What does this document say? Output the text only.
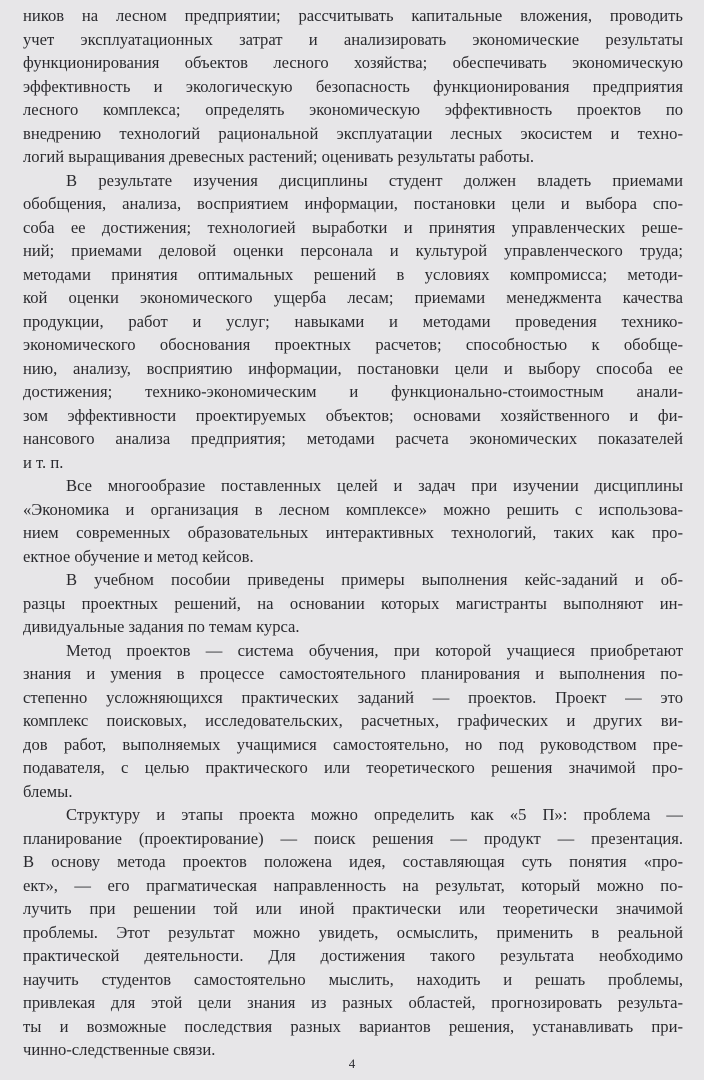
ников на лесном предприятии; рассчитывать капитальные вложения, проводить
учет эксплуатационных затрат и анализировать экономические результаты
функционирования объектов лесного хозяйства; обеспечивать экономическую
эффективность и экологическую безопасность функционирования предприятия
лесного комплекса; определять экономическую эффективность проектов по
внедрению технологий рациональной эксплуатации лесных экосистем и техно-
логий выращивания древесных растений; оценивать результаты работы.
В результате изучения дисциплины студент должен владеть приемами
обобщения, анализа, восприятием информации, постановки цели и выбора спо-
соба ее достижения; технологией выработки и принятия управленческих реше-
ний; приемами деловой оценки персонала и культурой управленческого труда;
методами принятия оптимальных решений в условиях компромисса; методи-
кой оценки экономического ущерба лесам; приемами менеджмента качества
продукции, работ и услуг; навыками и методами проведения технико-
экономического обоснования проектных расчетов; способностью к обобще-
нию, анализу, восприятию информации, постановки цели и выбору способа ее
достижения; технико-экономическим и функционально-стоимостным анали-
зом эффективности проектируемых объектов; основами хозяйственного и фи-
нансового анализа предприятия; методами расчета экономических показателей
и т. п.
Все многообразие поставленных целей и задач при изучении дисциплины
«Экономика и организация в лесном комплексе» можно решить с использова-
нием современных образовательных интерактивных технологий, таких как про-
ектное обучение и метод кейсов.
В учебном пособии приведены примеры выполнения кейс-заданий и об-
разцы проектных решений, на основании которых магистранты выполняют ин-
дивидуальные задания по темам курса.
Метод проектов — система обучения, при которой учащиеся приобретают
знания и умения в процессе самостоятельного планирования и выполнения по-
степенно усложняющихся практических заданий — проектов. Проект — это
комплекс поисковых, исследовательских, расчетных, графических и других ви-
дов работ, выполняемых учащимися самостоятельно, но под руководством пре-
подавателя, с целью практического или теоретического решения значимой про-
блемы.
Структуру и этапы проекта можно определить как «5 П»: проблема —
планирование (проектирование) — поиск решения — продукт — презентация.
В основу метода проектов положена идея, составляющая суть понятия «про-
ект», — его прагматическая направленность на результат, который можно по-
лучить при решении той или иной практически или теоретически значимой
проблемы. Этот результат можно увидеть, осмыслить, применить в реальной
практической деятельности. Для достижения такого результата необходимо
научить студентов самостоятельно мыслить, находить и решать проблемы,
привлекая для этой цели знания из разных областей, прогнозировать результа-
ты и возможные последствия разных вариантов решения, устанавливать при-
чинно-следственные связи.
4
